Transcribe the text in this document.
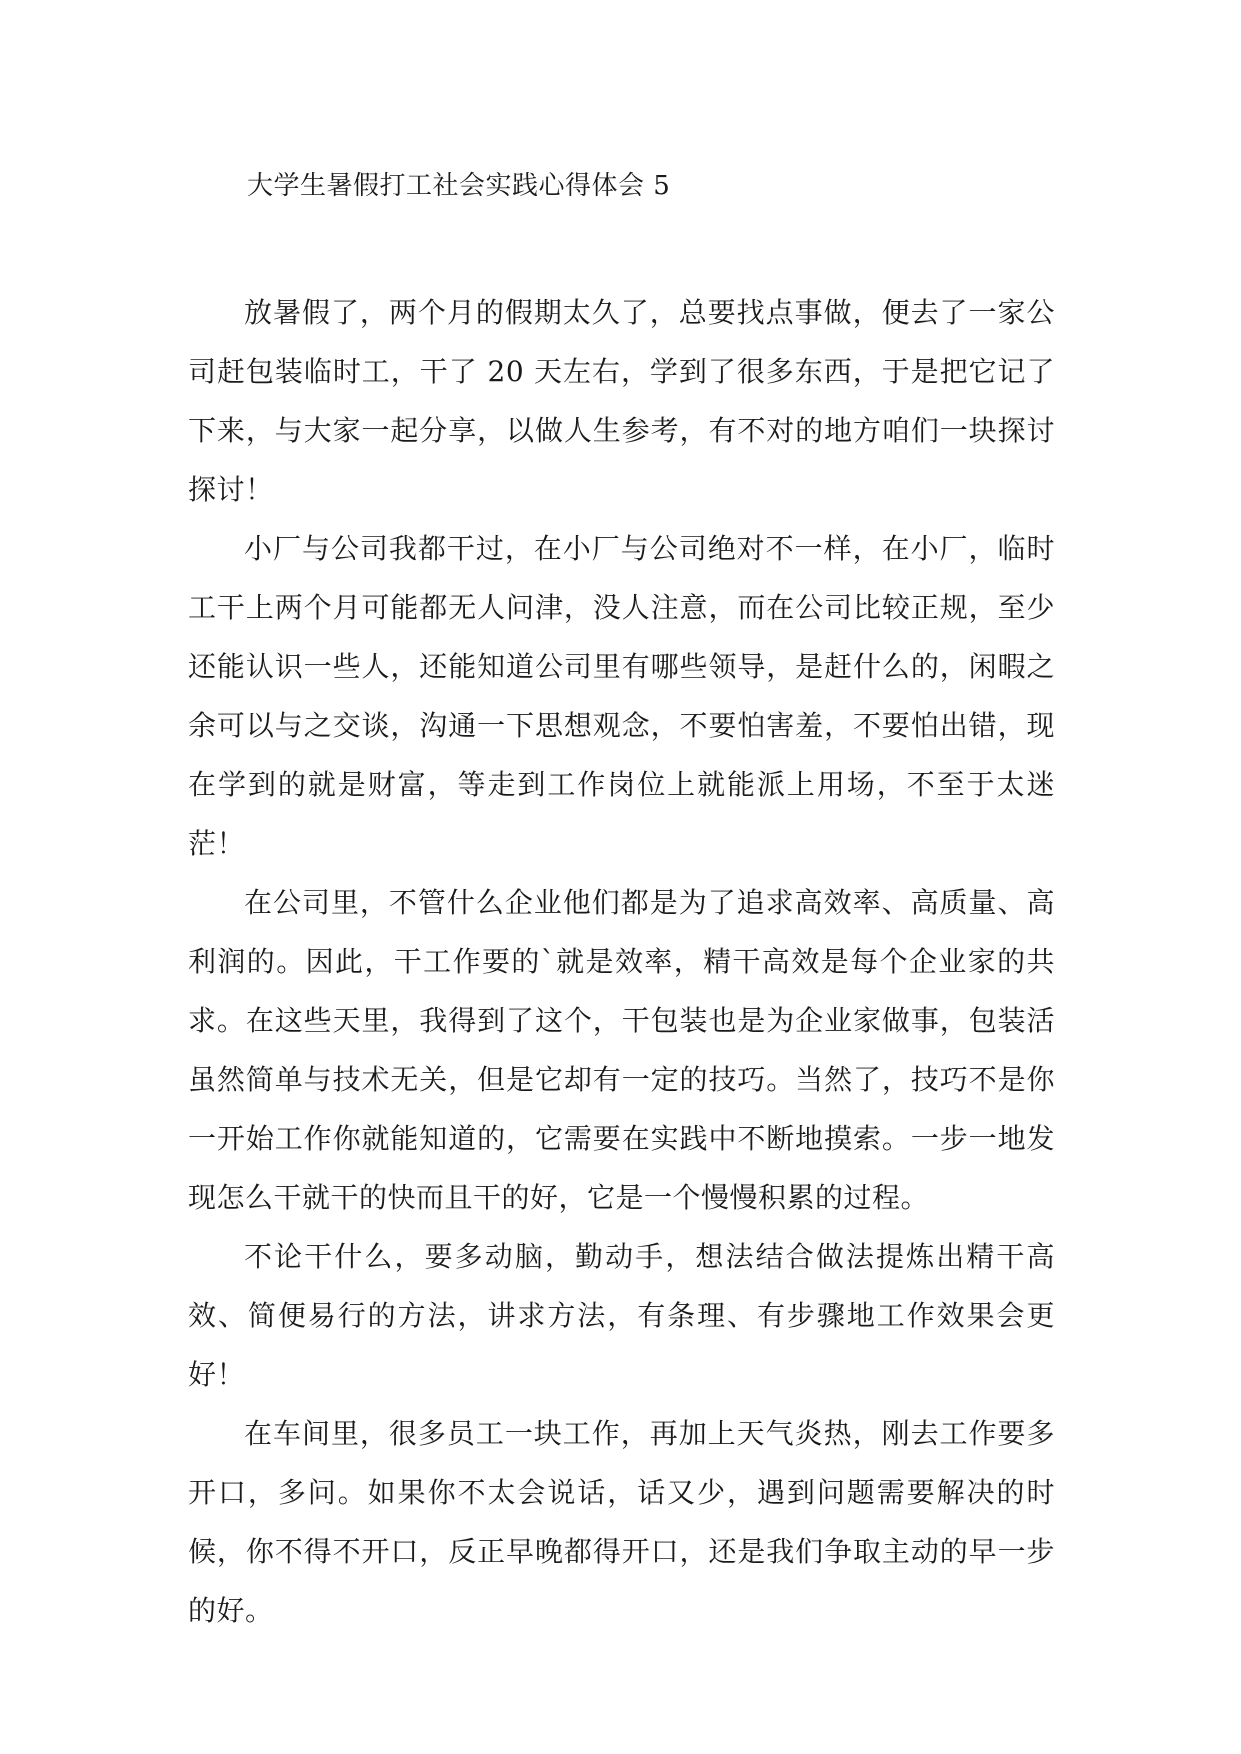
大学生暑假打工社会实践心得体会 5

放暑假了，两个月的假期太久了，总要找点事做，便去了一家公司赶包装临时工，干了 20 天左右，学到了很多东西，于是把它记了下来，与大家一起分享，以做人生参考，有不对的地方咱们一块探讨探讨！

小厂与公司我都干过，在小厂与公司绝对不一样，在小厂，临时工干上两个月可能都无人问津，没人注意，而在公司比较正规，至少还能认识一些人，还能知道公司里有哪些领导，是赶什么的，闲暇之余可以与之交谈，沟通一下思想观念，不要怕害羞，不要怕出错，现在学到的就是财富，等走到工作岗位上就能派上用场，不至于太迷茫！

在公司里，不管什么企业他们都是为了追求高效率、高质量、高利润的。因此，干工作要的`就是效率，精干高效是每个企业家的共求。在这些天里，我得到了这个，干包装也是为企业家做事，包装活虽然简单与技术无关，但是它却有一定的技巧。当然了，技巧不是你一开始工作你就能知道的，它需要在实践中不断地摸索。一步一地发现怎么干就干的快而且干的好，它是一个慢慢积累的过程。

不论干什么，要多动脑，勤动手，想法结合做法提炼出精干高效、简便易行的方法，讲求方法，有条理、有步骤地工作效果会更好！

在车间里，很多员工一块工作，再加上天气炎热，刚去工作要多开口，多问。如果你不太会说话，话又少，遇到问题需要解决的时候，你不得不开口，反正早晚都得开口，还是我们争取主动的早一步的好。
